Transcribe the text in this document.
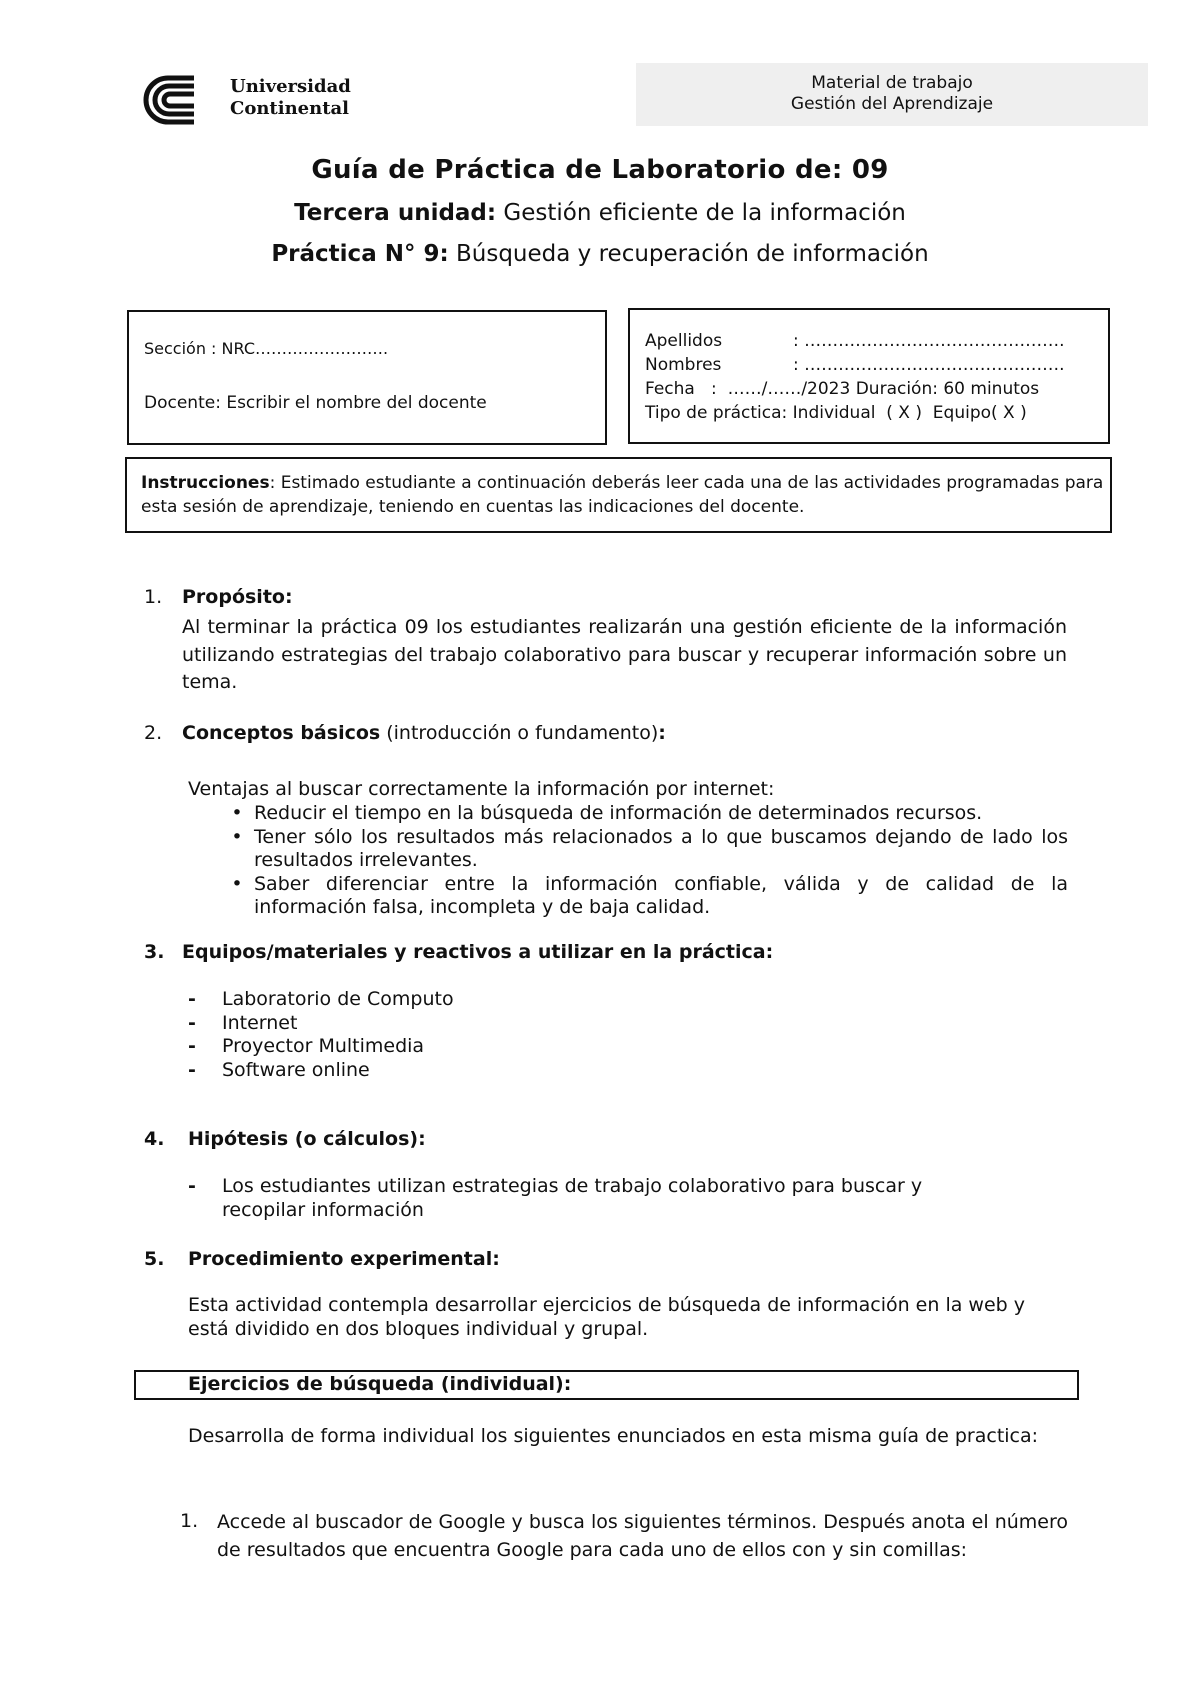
Universidad
Continental
Material de trabajo
Gestión del Aprendizaje
Guía de Práctica de Laboratorio de: 09
Tercera unidad: Gestión eficiente de la información
Práctica N° 9: Búsqueda y recuperación de información
Sección : NRC…………………….
Docente: Escribir el nombre del docente
Apellidos	: ……………………………………….
Nombres	: ……………………………………….
Fecha   :  ……/……/2023 Duración: 60 minutos
Tipo de práctica: Individual  ( X )  Equipo( X )
Instrucciones: Estimado estudiante a continuación deberás leer cada una de las actividades programadas para esta sesión de aprendizaje, teniendo en cuentas las indicaciones del docente.
1. Propósito:
Al terminar la práctica 09 los estudiantes realizarán una gestión eficiente de la información utilizando estrategias del trabajo colaborativo para buscar y recuperar información sobre un tema.
2. Conceptos básicos (introducción o fundamento):
Ventajas al buscar correctamente la información por internet:
• Reducir el tiempo en la búsqueda de información de determinados recursos.
• Tener sólo los resultados más relacionados a lo que buscamos dejando de lado los resultados irrelevantes.
• Saber diferenciar entre la información confiable, válida y de calidad de la información falsa, incompleta y de baja calidad.
3. Equipos/materiales y reactivos a utilizar en la práctica:
-	Laboratorio de Computo
-	Internet
-	Proyector Multimedia
-	Software online
4. Hipótesis (o cálculos):
-	Los estudiantes utilizan estrategias de trabajo colaborativo para buscar y recopilar información
5. Procedimiento experimental:
Esta actividad contempla desarrollar ejercicios de búsqueda de información en la web y está dividido en dos bloques individual y grupal.
Ejercicios de búsqueda (individual):
Desarrolla de forma individual los siguientes enunciados en esta misma guía de practica:
1. Accede al buscador de Google y busca los siguientes términos. Después anota el número de resultados que encuentra Google para cada uno de ellos con y sin comillas:
